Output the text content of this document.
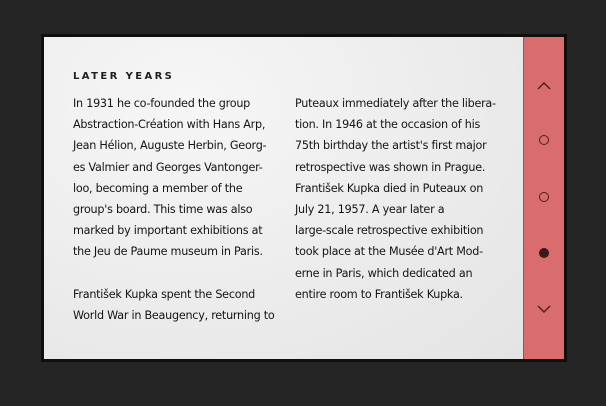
LATER YEARS
In 1931 he co-founded the group
Abstraction-Création with Hans Arp,
Jean Hélion, Auguste Herbin, Georg-
es Valmier and Georges Vantonger-
loo, becoming a member of the
group's board. This time was also
marked by important exhibitions at
the Jeu de Paume museum in Paris.
František Kupka spent the Second
World War in Beaugency, returning to
Puteaux immediately after the libera-
tion. In 1946 at the occasion of his
75th birthday the artist's first major
retrospective was shown in Prague.
František Kupka died in Puteaux on
July 21, 1957. A year later a
large-scale retrospective exhibition
took place at the Musée d'Art Mod-
erne in Paris, which dedicated an
entire room to František Kupka.
